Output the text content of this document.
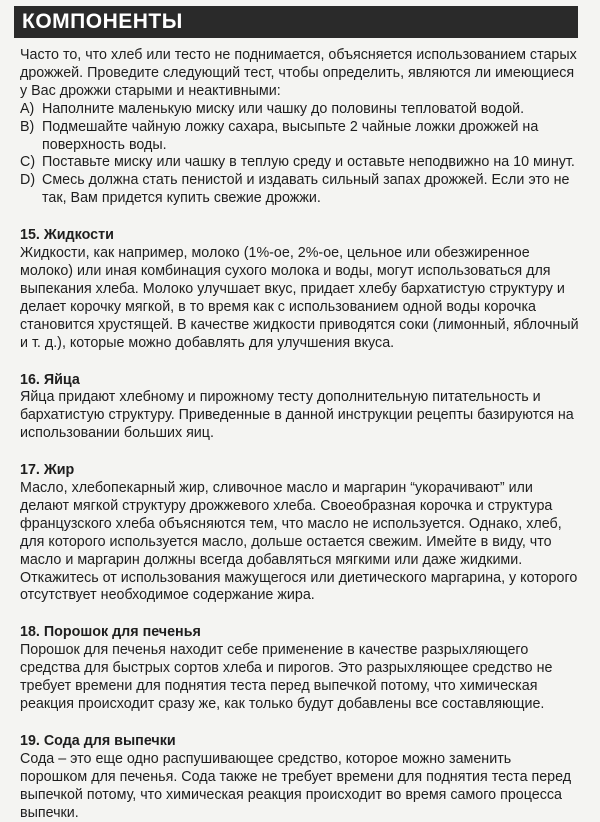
КОМПОНЕНТЫ

Часто то, что хлеб или тесто не поднимается, объясняется использованием старых дрожжей. Проведите следующий тест, чтобы определить, являются ли имеющиеся у Вас дрожжи старыми и неактивными:

A) Наполните маленькую миску или чашку до половины тепловатой водой.
B) Подмешайте чайную ложку сахара, высыпьте 2 чайные ложки дрожжей на поверхность воды.
C) Поставьте миску или чашку в теплую среду и оставьте неподвижно на 10 минут.
D) Смесь должна стать пенистой и издавать сильный запах дрожжей. Если это не так, Вам придется купить свежие дрожжи.

15. Жидкости

Жидкости, как например, молоко (1%-ое, 2%-ое, цельное или обезжиренное молоко) или иная комбинация сухого молока и воды, могут использоваться для выпекания хлеба. Молоко улучшает вкус, придает хлебу бархатистую структуру и делает корочку мягкой, в то время как с использованием одной воды корочка становится хрустящей. В качестве жидкости приводятся соки (лимонный, яблочный и т. д.), которые можно добавлять для улучшения вкуса.

16. Яйца

Яйца придают хлебному и пирожному тесту дополнительную питательность и бархатистую структуру. Приведенные в данной инструкции рецепты базируются на использовании больших яиц.

17. Жир

Масло, хлебопекарный жир, сливочное масло и маргарин “укорачивают” или делают мягкой структуру дрожжевого хлеба. Своеобразная корочка и структура французского хлеба объясняются тем, что масло не используется. Однако, хлеб, для которого используется масло, дольше остается свежим. Имейте в виду, что масло и маргарин должны всегда добавляться мягкими или даже жидкими. Откажитесь от использования мажущегося или диетического маргарина, у которого отсутствует необходимое содержание жира.

18. Порошок для печенья

Порошок для печенья находит себе применение в качестве разрыхляющего средства для быстрых сортов хлеба и пирогов. Это разрыхляющее средство не требует времени для поднятия теста перед выпечкой потому, что химическая реакция происходит сразу же, как только будут добавлены все составляющие.

19. Сода для выпечки

Сода – это еще одно распушивающее средство, которое можно заменить порошком для печенья. Сода также не требует времени для поднятия теста перед выпечкой потому, что химическая реакция происходит во время самого процесса выпечки.
